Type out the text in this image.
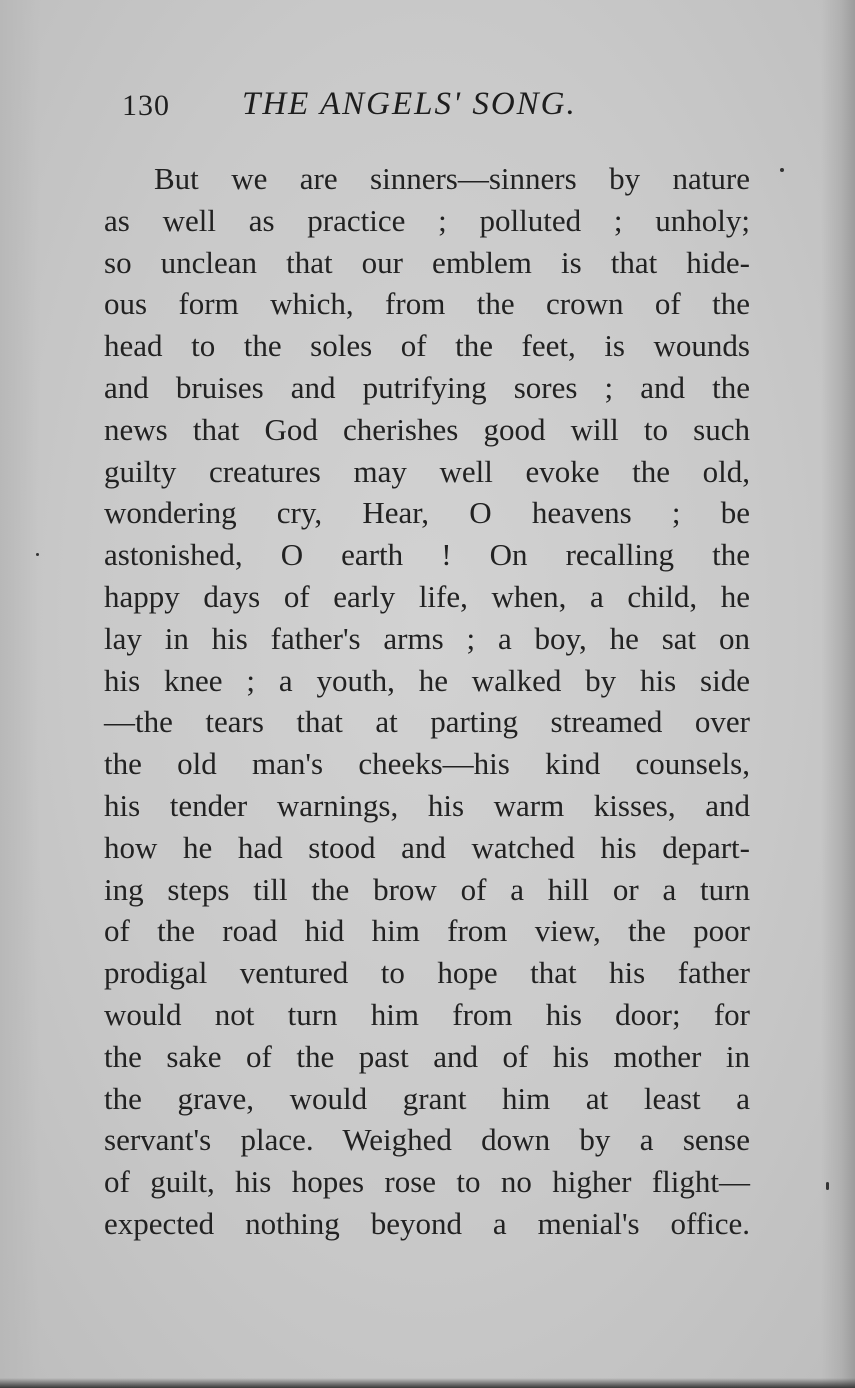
130 THE ANGELS' SONG.
But we are sinners—sinners by nature
as well as practice ; polluted ; unholy;
so unclean that our emblem is that hide-
ous form which, from the crown of the
head to the soles of the feet, is wounds
and bruises and putrifying sores ; and the
news that God cherishes good will to such
guilty creatures may well evoke the old,
wondering cry, Hear, O heavens ; be
astonished, O earth ! On recalling the
happy days of early life, when, a child, he
lay in his father's arms ; a boy, he sat on
his knee ; a youth, he walked by his side
—the tears that at parting streamed over
the old man's cheeks—his kind counsels,
his tender warnings, his warm kisses, and
how he had stood and watched his depart-
ing steps till the brow of a hill or a turn
of the road hid him from view, the poor
prodigal ventured to hope that his father
would not turn him from his door; for
the sake of the past and of his mother in
the grave, would grant him at least a
servant's place. Weighed down by a sense
of guilt, his hopes rose to no higher flight—
expected nothing beyond a menial's office.
